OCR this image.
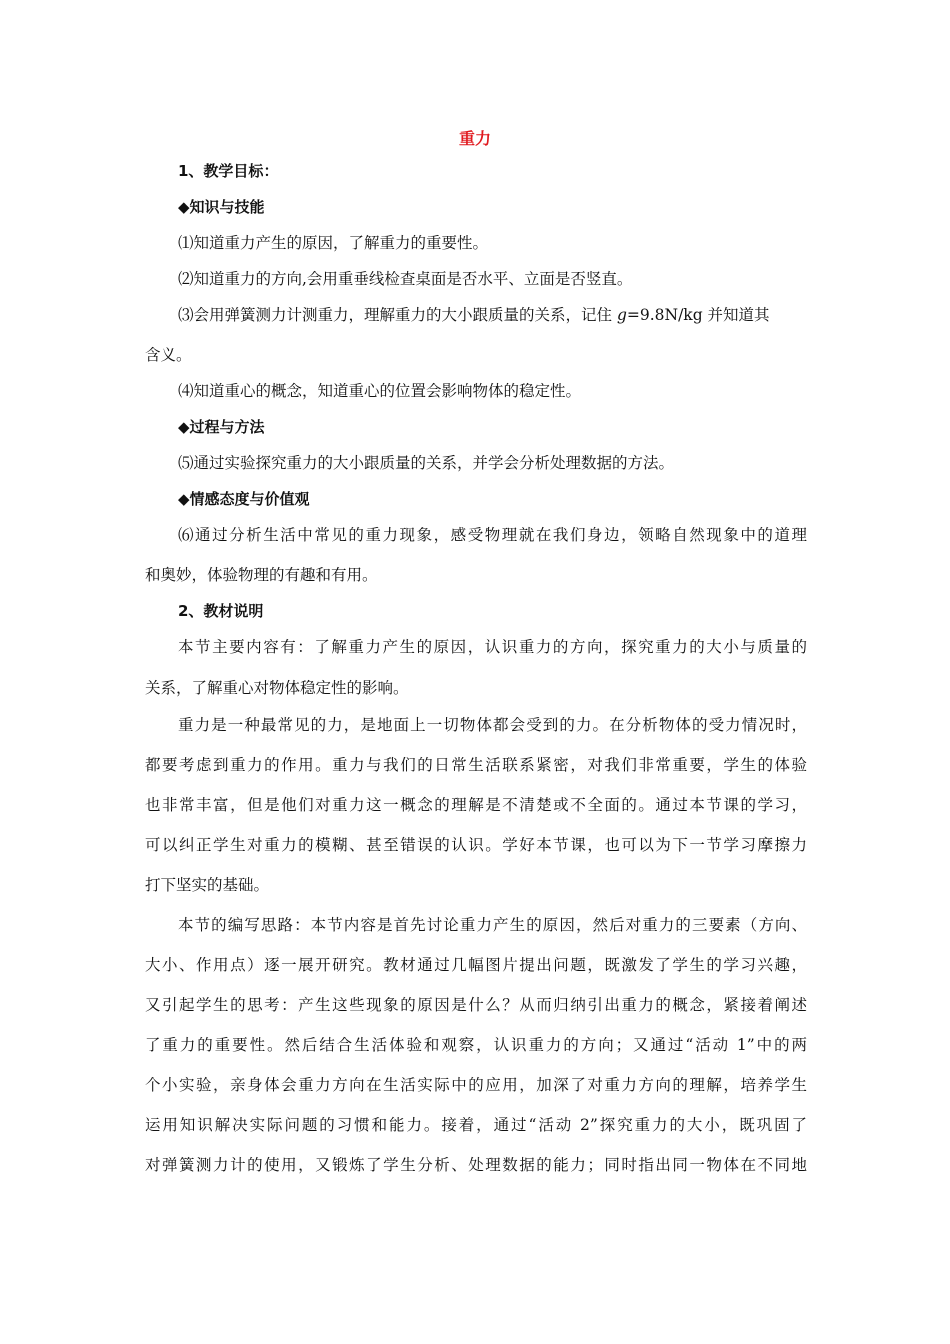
重力
1、教学目标：
◆知识与技能
⑴知道重力产生的原因，了解重力的重要性。
⑵知道重力的方向,会用重垂线检查桌面是否水平、立面是否竖直。
⑶会用弹簧测力计测重力，理解重力的大小跟质量的关系，记住 g=9.8N/kg 并知道其
含义。
⑷知道重心的概念，知道重心的位置会影响物体的稳定性。
◆过程与方法
⑸通过实验探究重力的大小跟质量的关系，并学会分析处理数据的方法。
◆情感态度与价值观
⑹通过分析生活中常见的重力现象，感受物理就在我们身边，领略自然现象中的道理
和奥妙，体验物理的有趣和有用。
2、教材说明
本节主要内容有：了解重力产生的原因，认识重力的方向，探究重力的大小与质量的
关系，了解重心对物体稳定性的影响。
重力是一种最常见的力，是地面上一切物体都会受到的力。在分析物体的受力情况时，
都要考虑到重力的作用。重力与我们的日常生活联系紧密，对我们非常重要，学生的体验
也非常丰富，但是他们对重力这一概念的理解是不清楚或不全面的。通过本节课的学习，
可以纠正学生对重力的模糊、甚至错误的认识。学好本节课，也可以为下一节学习摩擦力
打下坚实的基础。
本节的编写思路：本节内容是首先讨论重力产生的原因，然后对重力的三要素（方向、
大小、作用点）逐一展开研究。教材通过几幅图片提出问题，既激发了学生的学习兴趣，
又引起学生的思考：产生这些现象的原因是什么？从而归纳引出重力的概念，紧接着阐述
了重力的重要性。然后结合生活体验和观察，认识重力的方向；又通过“活动 1”中的两
个小实验，亲身体会重力方向在生活实际中的应用，加深了对重力方向的理解，培养学生
运用知识解决实际问题的习惯和能力。接着，通过“活动 2”探究重力的大小，既巩固了
对弹簧测力计的使用，又锻炼了学生分析、处理数据的能力；同时指出同一物体在不同地
